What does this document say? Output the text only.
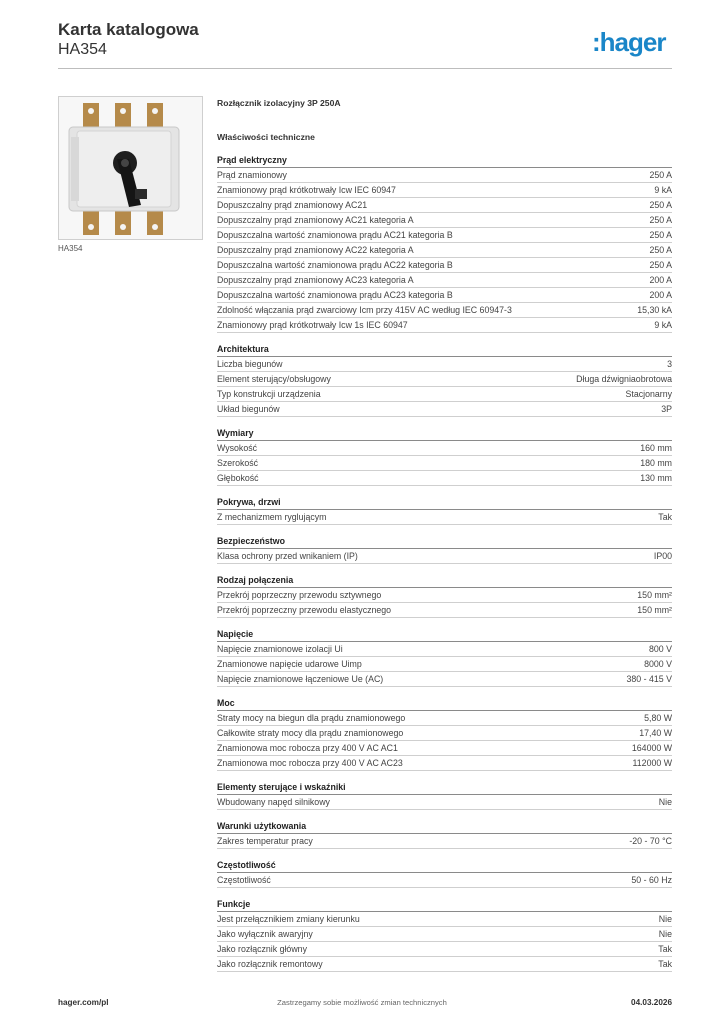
Karta katalogowa
HA354	:hager
HA354
Rozłącznik izolacyjny 3P 250A
Właściwości techniczne
Prąd elektryczny
Prąd znamionowy	250 A
Znamionowy prąd krótkotrwały Icw IEC 60947	9 kA
Dopuszczalny prąd znamionowy AC21	250 A
Dopuszczalny prąd znamionowy AC21 kategoria A	250 A
Dopuszczalna wartość znamionowa prądu AC21 kategoria B	250 A
Dopuszczalny prąd znamionowy AC22 kategoria A	250 A
Dopuszczalna wartość znamionowa prądu AC22 kategoria B	250 A
Dopuszczalny prąd znamionowy AC23 kategoria A	200 A
Dopuszczalna wartość znamionowa prądu AC23 kategoria B	200 A
Zdolność włączania prąd zwarciowy Icm przy 415V AC według IEC 60947-3	15,30 kA
Znamionowy prąd krótkotrwały Icw 1s IEC 60947	9 kA
Architektura
Liczba biegunów	3
Element sterujący/obsługowy	Długa dźwigniaobrotowa
Typ konstrukcji urządzenia	Stacjonarny
Układ biegunów	3P
Wymiary
Wysokość	160 mm
Szerokość	180 mm
Głębokość	130 mm
Pokrywa, drzwi
Z mechanizmem ryglującym	Tak
Bezpieczeństwo
Klasa ochrony przed wnikaniem (IP)	IP00
Rodzaj połączenia
Przekrój poprzeczny przewodu sztywnego	150 mm²
Przekrój poprzeczny przewodu elastycznego	150 mm²
Napięcie
Napięcie znamionowe izolacji Ui	800 V
Znamionowe napięcie udarowe Uimp	8000 V
Napięcie znamionowe łączeniowe Ue (AC)	380 - 415 V
Moc
Straty mocy na biegun dla prądu znamionowego	5,80 W
Całkowite straty mocy dla prądu znamionowego	17,40 W
Znamionowa moc robocza przy 400 V AC AC1	164000 W
Znamionowa moc robocza przy 400 V AC AC23	112000 W
Elementy sterujące i wskaźniki
Wbudowany napęd silnikowy	Nie
Warunki użytkowania
Zakres temperatur pracy	-20 - 70 °C
Częstotliwość
Częstotliwość	50 - 60 Hz
Funkcje
Jest przełącznikiem zmiany kierunku	Nie
Jako wyłącznik awaryjny	Nie
Jako rozłącznik główny	Tak
Jako rozłącznik remontowy	Tak
Zastrzegamy sobie możliwość zmian technicznych
hager.com/pl	04.03.2026
